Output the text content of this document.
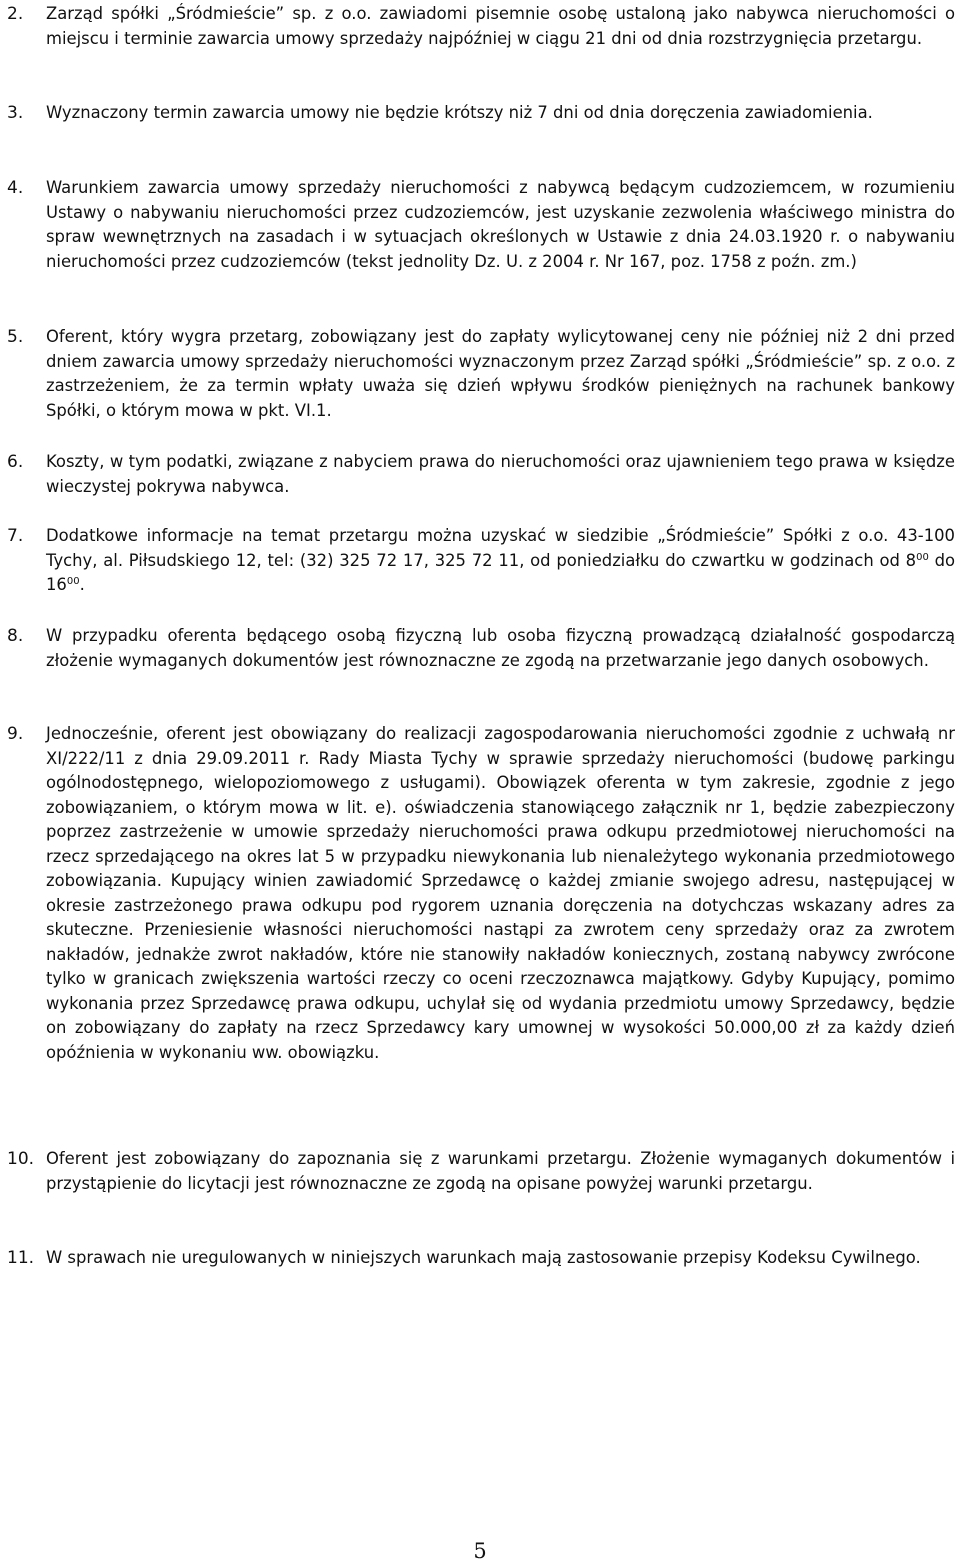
2. Zarząd spółki „Śródmieście” sp. z o.o. zawiadomi pisemnie osobę ustaloną jako nabywca nieruchomości o miejscu i terminie zawarcia umowy sprzedaży najpóźniej w ciągu 21 dni od dnia rozstrzygnięcia przetargu.
3. Wyznaczony termin zawarcia umowy nie będzie krótszy niż 7 dni od dnia doręczenia zawiadomienia.
4. Warunkiem zawarcia umowy sprzedaży nieruchomości z nabywcą będącym cudzoziemcem, w rozumieniu Ustawy o nabywaniu nieruchomości przez cudzoziemców, jest uzyskanie zezwolenia właściwego ministra do spraw wewnętrznych na zasadach i w sytuacjach określonych w Ustawie z dnia 24.03.1920 r. o nabywaniu nieruchomości przez cudzoziemców (tekst jednolity Dz. U. z 2004 r. Nr 167, poz. 1758 z poźn. zm.)
5. Oferent, który wygra przetarg, zobowiązany jest do zapłaty wylicytowanej ceny nie później niż 2 dni przed dniem zawarcia umowy sprzedaży nieruchomości wyznaczonym przez Zarząd spółki „Śródmieście” sp. z o.o. z zastrzeżeniem, że za termin wpłaty uważa się dzień wpływu środków pieniężnych na rachunek bankowy Spółki, o którym mowa w pkt. VI.1.
6. Koszty, w tym podatki, związane z nabyciem prawa do nieruchomości oraz ujawnieniem tego prawa w księdze wieczystej pokrywa nabywca.
7. Dodatkowe informacje na temat przetargu można uzyskać w siedzibie „Śródmieście” Spółki z o.o. 43-100 Tychy, al. Piłsudskiego 12, tel: (32) 325 72 17, 325 72 11, od poniedziałku do czwartku w godzinach od $8^{00}$ do $16^{00}$.
8. W przypadku oferenta będącego osobą fizyczną lub osoba fizyczną prowadzącą działalność gospodarczą złożenie wymaganych dokumentów jest równoznaczne ze zgodą na przetwarzanie jego danych osobowych.
9. Jednocześnie, oferent jest obowiązany do realizacji zagospodarowania nieruchomości zgodnie z uchwałą nr XI/222/11 z dnia 29.09.2011 r. Rady Miasta Tychy w sprawie sprzedaży nieruchomości (budowę parkingu ogólnodostępnego, wielopoziomowego z usługami). Obowiązek oferenta w tym zakresie, zgodnie z jego zobowiązaniem, o którym mowa w lit. e). oświadczenia stanowiącego załącznik nr 1, będzie zabezpieczony poprzez zastrzeżenie w umowie sprzedaży nieruchomości prawa odkupu przedmiotowej nieruchomości na rzecz sprzedającego na okres lat 5 w przypadku niewykonania lub nienależytego wykonania przedmiotowego zobowiązania. Kupujący winien zawiadomić Sprzedawcę o każdej zmianie swojego adresu, następującej w okresie zastrzeżonego prawa odkupu pod rygorem uznania doręczenia na dotychczas wskazany adres za skuteczne. Przeniesienie własności nieruchomości nastąpi za zwrotem ceny sprzedaży oraz za zwrotem nakładów, jednakże zwrot nakładów, które nie stanowiły nakładów koniecznych, zostaną nabywcy zwrócone tylko w granicach zwiększenia wartości rzeczy co oceni rzeczoznawca majątkowy. Gdyby Kupujący, pomimo wykonania przez Sprzedawcę prawa odkupu, uchylał się od wydania przedmiotu umowy Sprzedawcy, będzie on zobowiązany do zapłaty na rzecz Sprzedawcy kary umownej w wysokości 50.000,00 zł za każdy dzień opóźnienia w wykonaniu ww. obowiązku.
10. Oferent jest zobowiązany do zapoznania się z warunkami przetargu. Złożenie wymaganych dokumentów i przystąpienie do licytacji jest równoznaczne ze zgodą na opisane powyżej warunki przetargu.
11. W sprawach nie uregulowanych w niniejszych warunkach mają zastosowanie przepisy Kodeksu Cywilnego.
5
